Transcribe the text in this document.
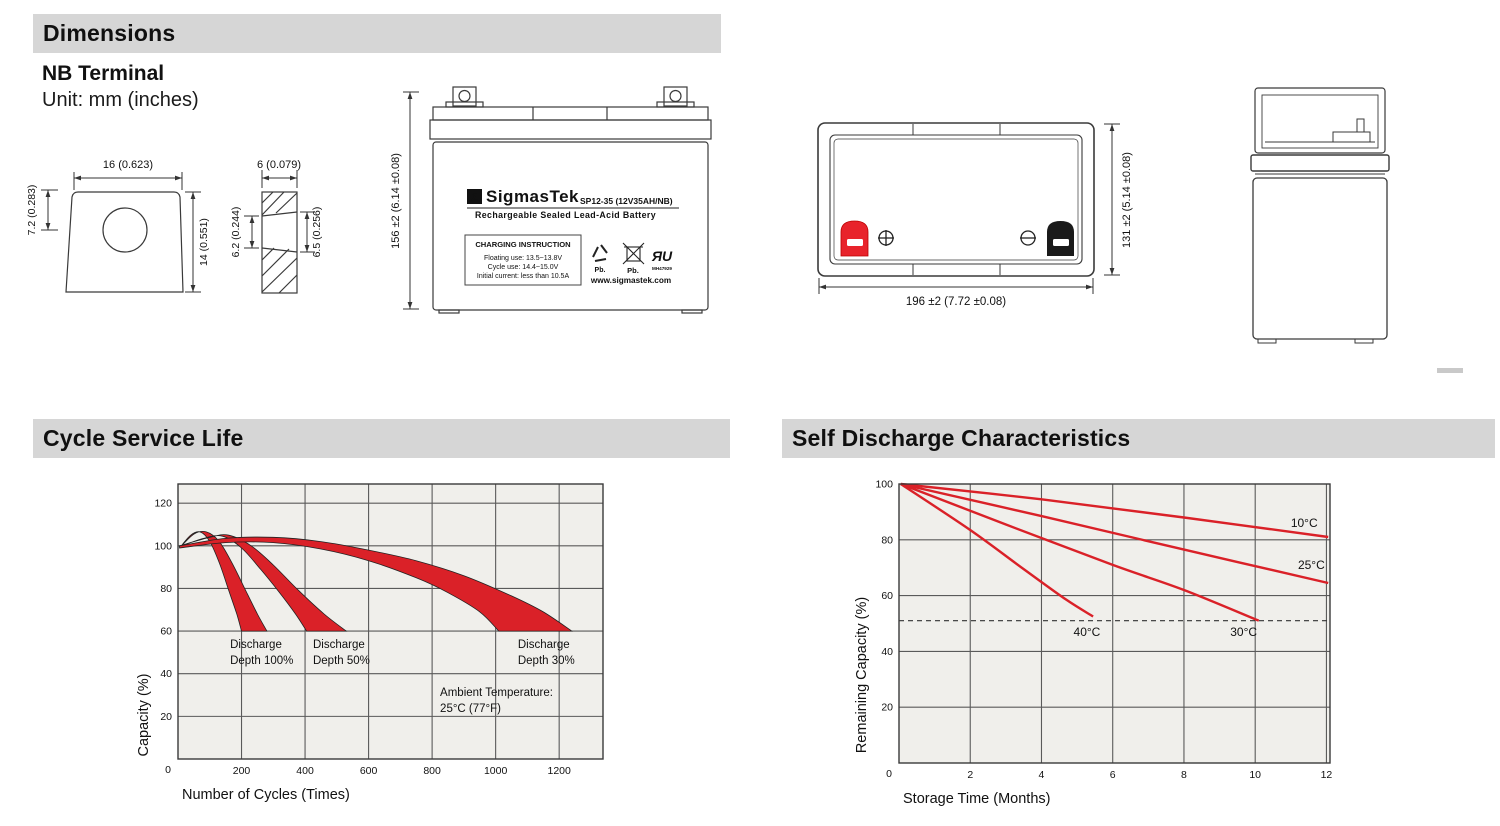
Dimensions
NB Terminal
Unit: mm (inches)
Cycle Service Life	Self Discharge Characteristics
16 (0.623)
7.2 (0.283)
14 (0.551)
6 (0.079)
6.2 (0.244)	6.5 (0.256)	156 ±2 (6.14 ±0.08)	Σ SigmasTek SP12-35 (12V35AH/NB)
Rechargeable Sealed Lead-Acid Battery
CHARGING INSTRUCTION
Floating use: 13.5~13.8V
Cycle use: 14.4~15.0V
Initial current: less than 10.5A
Pb.	Pb.
ЯU
MH47929
www.sigmastek.com
196 ±2 (7.72 ±0.08)
131 ±2 (5.14 ±0.08)
200	400	600	800	1000	1200
0
20
40
60
80
100
120
Discharge
Depth 100%
Discharge
Depth 50%
Discharge
Depth 30%
Ambient Temperature:
25°C (77°F)
Number of Cycles (Times)
Capacity (%)
2	4	6	8	10	12
0
20
40
60
80
100
10°C
25°C
30°C
40°C
Storage Time (Months)
Remaining Capacity (%)
